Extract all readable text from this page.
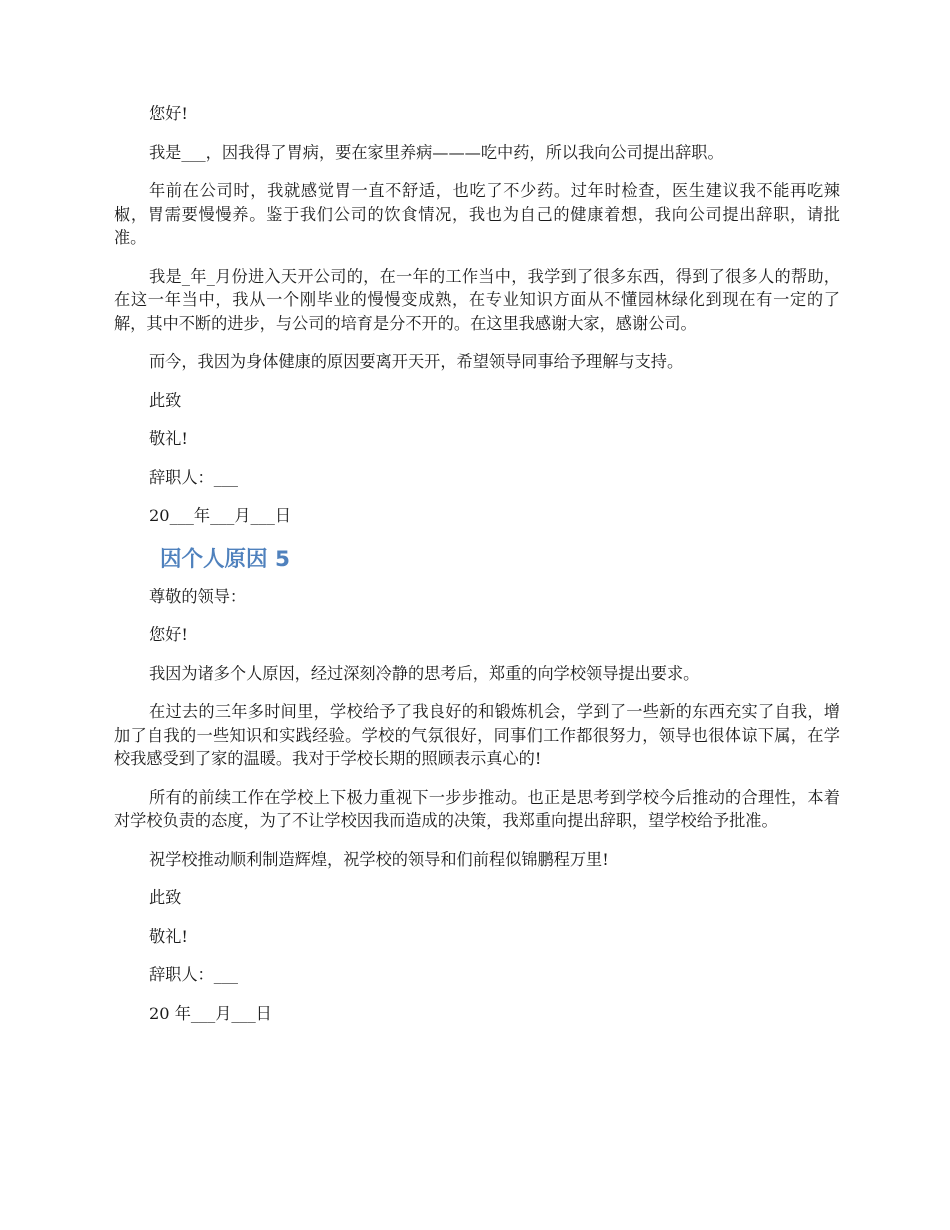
您好!

我是___，因我得了胃病，要在家里养病———吃中药，所以我向公司提出辞职。

年前在公司时，我就感觉胃一直不舒适，也吃了不少药。过年时检查，医生建议我不能再吃辣椒，胃需要慢慢养。鉴于我们公司的饮食情况，我也为自己的健康着想，我向公司提出辞职，请批准。

我是_年_月份进入天开公司的，在一年的工作当中，我学到了很多东西，得到了很多人的帮助，在这一年当中，我从一个刚毕业的慢慢变成熟，在专业知识方面从不懂园林绿化到现在有一定的了解，其中不断的进步，与公司的培育是分不开的。在这里我感谢大家，感谢公司。

而今，我因为身体健康的原因要离开天开，希望领导同事给予理解与支持。

此致

敬礼!

辞职人：___

20___年___月___日

因个人原因 5

尊敬的领导：

您好!

我因为诸多个人原因，经过深刻冷静的思考后，郑重的向学校领导提出要求。

在过去的三年多时间里，学校给予了我良好的和锻炼机会，学到了一些新的东西充实了自我，增加了自我的一些知识和实践经验。学校的气氛很好，同事们工作都很努力，领导也很体谅下属，在学校我感受到了家的温暖。我对于学校长期的照顾表示真心的!

所有的前续工作在学校上下极力重视下一步步推动。也正是思考到学校今后推动的合理性，本着对学校负责的态度，为了不让学校因我而造成的决策，我郑重向提出辞职，望学校给予批准。

祝学校推动顺利制造辉煌，祝学校的领导和们前程似锦鹏程万里!

此致

敬礼!

辞职人：___

20 年___月___日
